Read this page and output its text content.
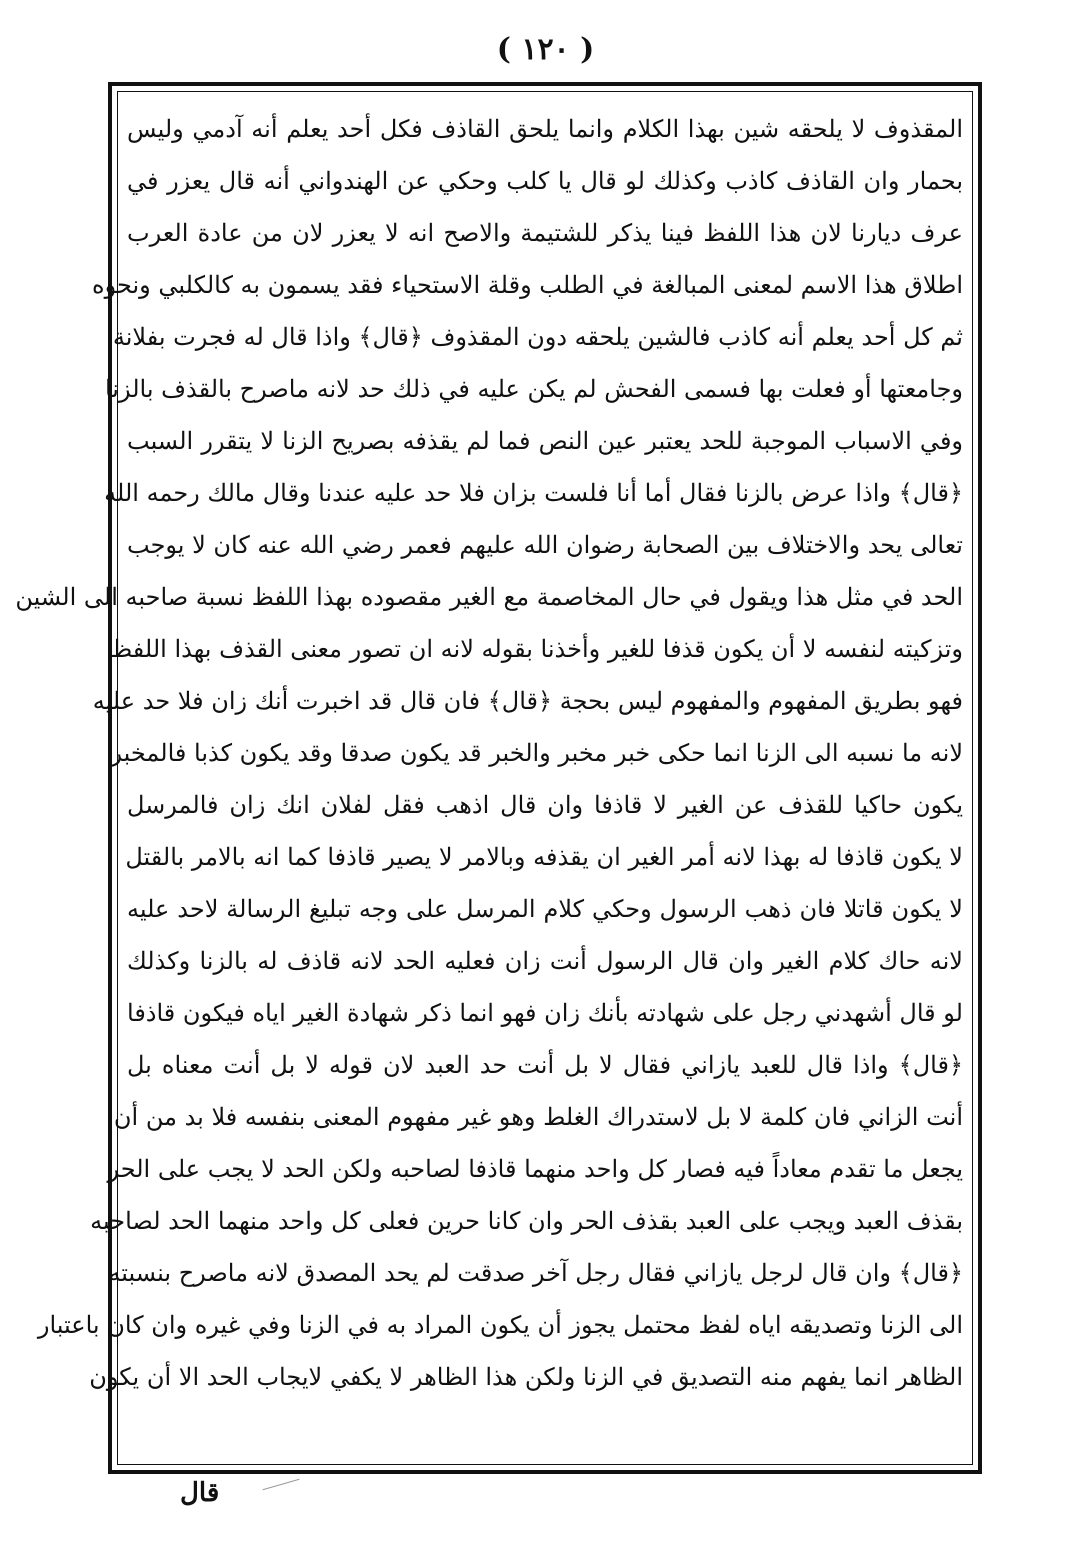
( ١٢٠ )
المقذوف لا يلحقه شين بهذا الكلام وانما يلحق القاذف فكل أحد يعلم أنه آدمي وليس
بحمار وان القاذف كاذب وكذلك لو قال يا كلب وحكي عن الهندواني أنه قال يعزر في
عرف ديارنا لان هذا اللفظ فينا يذكر للشتيمة والاصح انه لا يعزر لان من عادة العرب
اطلاق هذا الاسم لمعنى المبالغة في الطلب وقلة الاستحياء فقد يسمون به كالكلبي ونحوه
ثم كل أحد يعلم أنه كاذب فالشين يلحقه دون المقذوف ﴿قال﴾ واذا قال له فجرت بفلانة
وجامعتها أو فعلت بها فسمى الفحش لم يكن عليه في ذلك حد لانه ماصرح بالقذف بالزنا
وفي الاسباب الموجبة للحد يعتبر عين النص فما لم يقذفه بصريح الزنا لا يتقرر السبب
﴿قال﴾ واذا عرض بالزنا فقال أما أنا فلست بزان فلا حد عليه عندنا وقال مالك رحمه الله
تعالى يحد والاختلاف بين الصحابة رضوان الله عليهم فعمر رضي الله عنه كان لا يوجب
الحد في مثل هذا ويقول في حال المخاصمة مع الغير مقصوده بهذا اللفظ نسبة صاحبه الى الشين
وتزكيته لنفسه لا أن يكون قذفا للغير وأخذنا بقوله لانه ان تصور معنى القذف بهذا اللفظ
فهو بطريق المفهوم والمفهوم ليس بحجة ﴿قال﴾ فان قال قد اخبرت أنك زان فلا حد عليه
لانه ما نسبه الى الزنا انما حكى خبر مخبر والخبر قد يكون صدقا وقد يكون كذبا فالمخبر
يكون حاكيا للقذف عن الغير لا قاذفا وان قال اذهب فقل لفلان انك زان فالمرسل
لا يكون قاذفا له بهذا لانه أمر الغير ان يقذفه وبالامر لا يصير قاذفا كما انه بالامر بالقتل
لا يكون قاتلا فان ذهب الرسول وحكي كلام المرسل على وجه تبليغ الرسالة لاحد عليه
لانه حاك كلام الغير وان قال الرسول أنت زان فعليه الحد لانه قاذف له بالزنا وكذلك
لو قال أشهدني رجل على شهادته بأنك زان فهو انما ذكر شهادة الغير اياه فيكون قاذفا
﴿قال﴾ واذا قال للعبد يازاني فقال لا بل أنت حد العبد لان قوله لا بل أنت معناه بل
أنت الزاني فان كلمة لا بل لاستدراك الغلط وهو غير مفهوم المعنى بنفسه فلا بد من أن
يجعل ما تقدم معاداً فيه فصار كل واحد منهما قاذفا لصاحبه ولكن الحد لا يجب على الحر
بقذف العبد ويجب على العبد بقذف الحر وان كانا حرين فعلى كل واحد منهما الحد لصاحبه
﴿قال﴾ وان قال لرجل يازاني فقال رجل آخر صدقت لم يحد المصدق لانه ماصرح بنسبته
الى الزنا وتصديقه اياه لفظ محتمل يجوز أن يكون المراد به في الزنا وفي غيره وان كان باعتبار
الظاهر انما يفهم منه التصديق في الزنا ولكن هذا الظاهر لا يكفي لايجاب الحد الا أن يكون
قال
